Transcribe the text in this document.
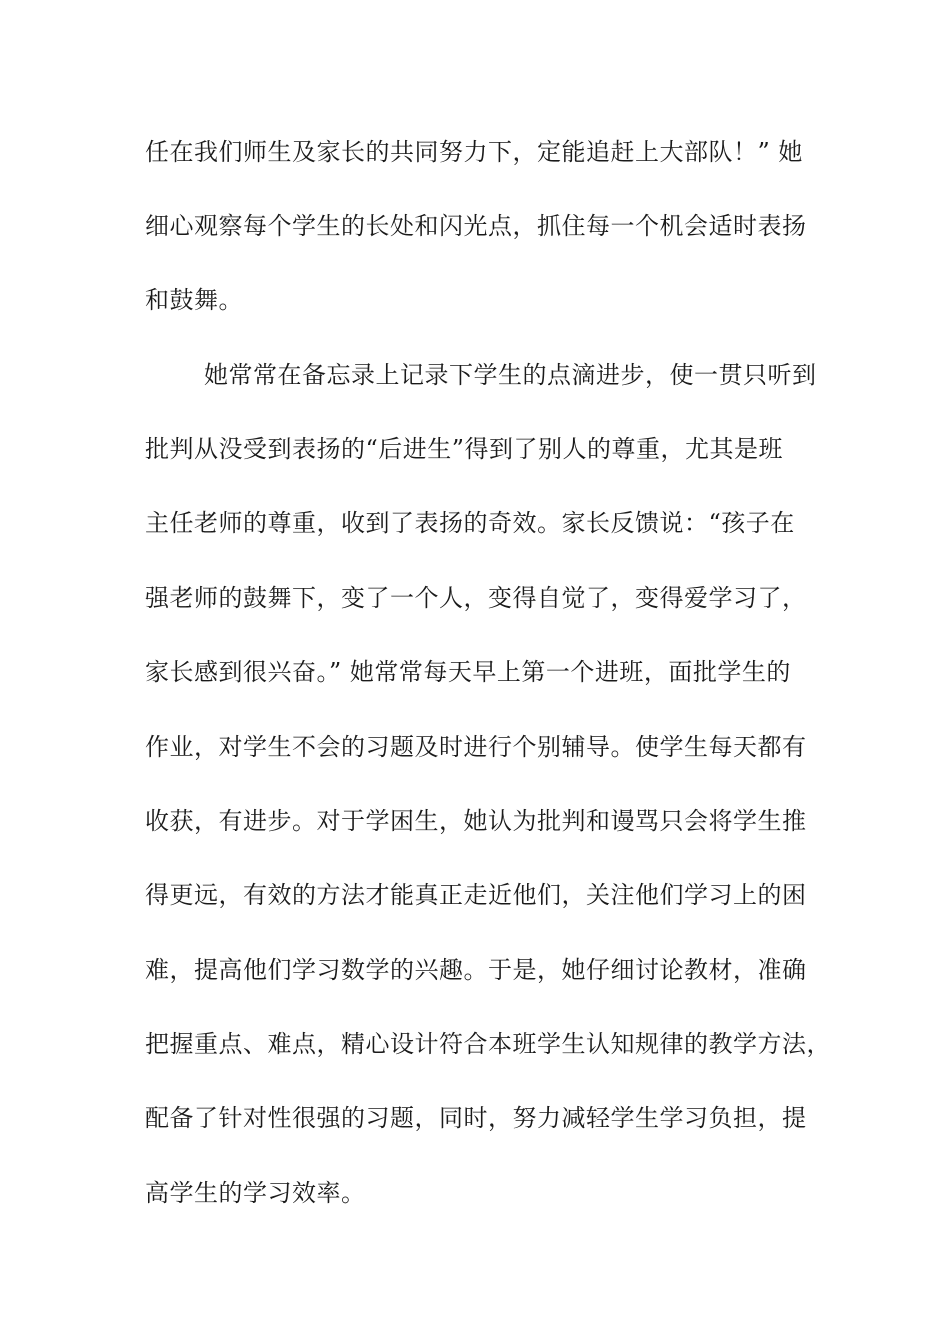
任在我们师生及家长的共同努力下，定能追赶上大部队！” 她
细心观察每个学生的长处和闪光点，抓住每一个机会适时表扬
和鼓舞。
她常常在备忘录上记录下学生的点滴进步，使一贯只听到
批判从没受到表扬的“后进生”得到了别人的尊重，尤其是班
主任老师的尊重，收到了表扬的奇效。家长反馈说：“孩子在
强老师的鼓舞下，变了一个人，变得自觉了，变得爱学习了，
家长感到很兴奋。” 她常常每天早上第一个进班，面批学生的
作业，对学生不会的习题及时进行个别辅导。使学生每天都有
收获，有进步。对于学困生，她认为批判和谩骂只会将学生推
得更远，有效的方法才能真正走近他们，关注他们学习上的困
难，提高他们学习数学的兴趣。于是，她仔细讨论教材，准确
把握重点、难点，精心设计符合本班学生认知规律的教学方法，
配备了针对性很强的习题，同时，努力减轻学生学习负担，提
高学生的学习效率。
